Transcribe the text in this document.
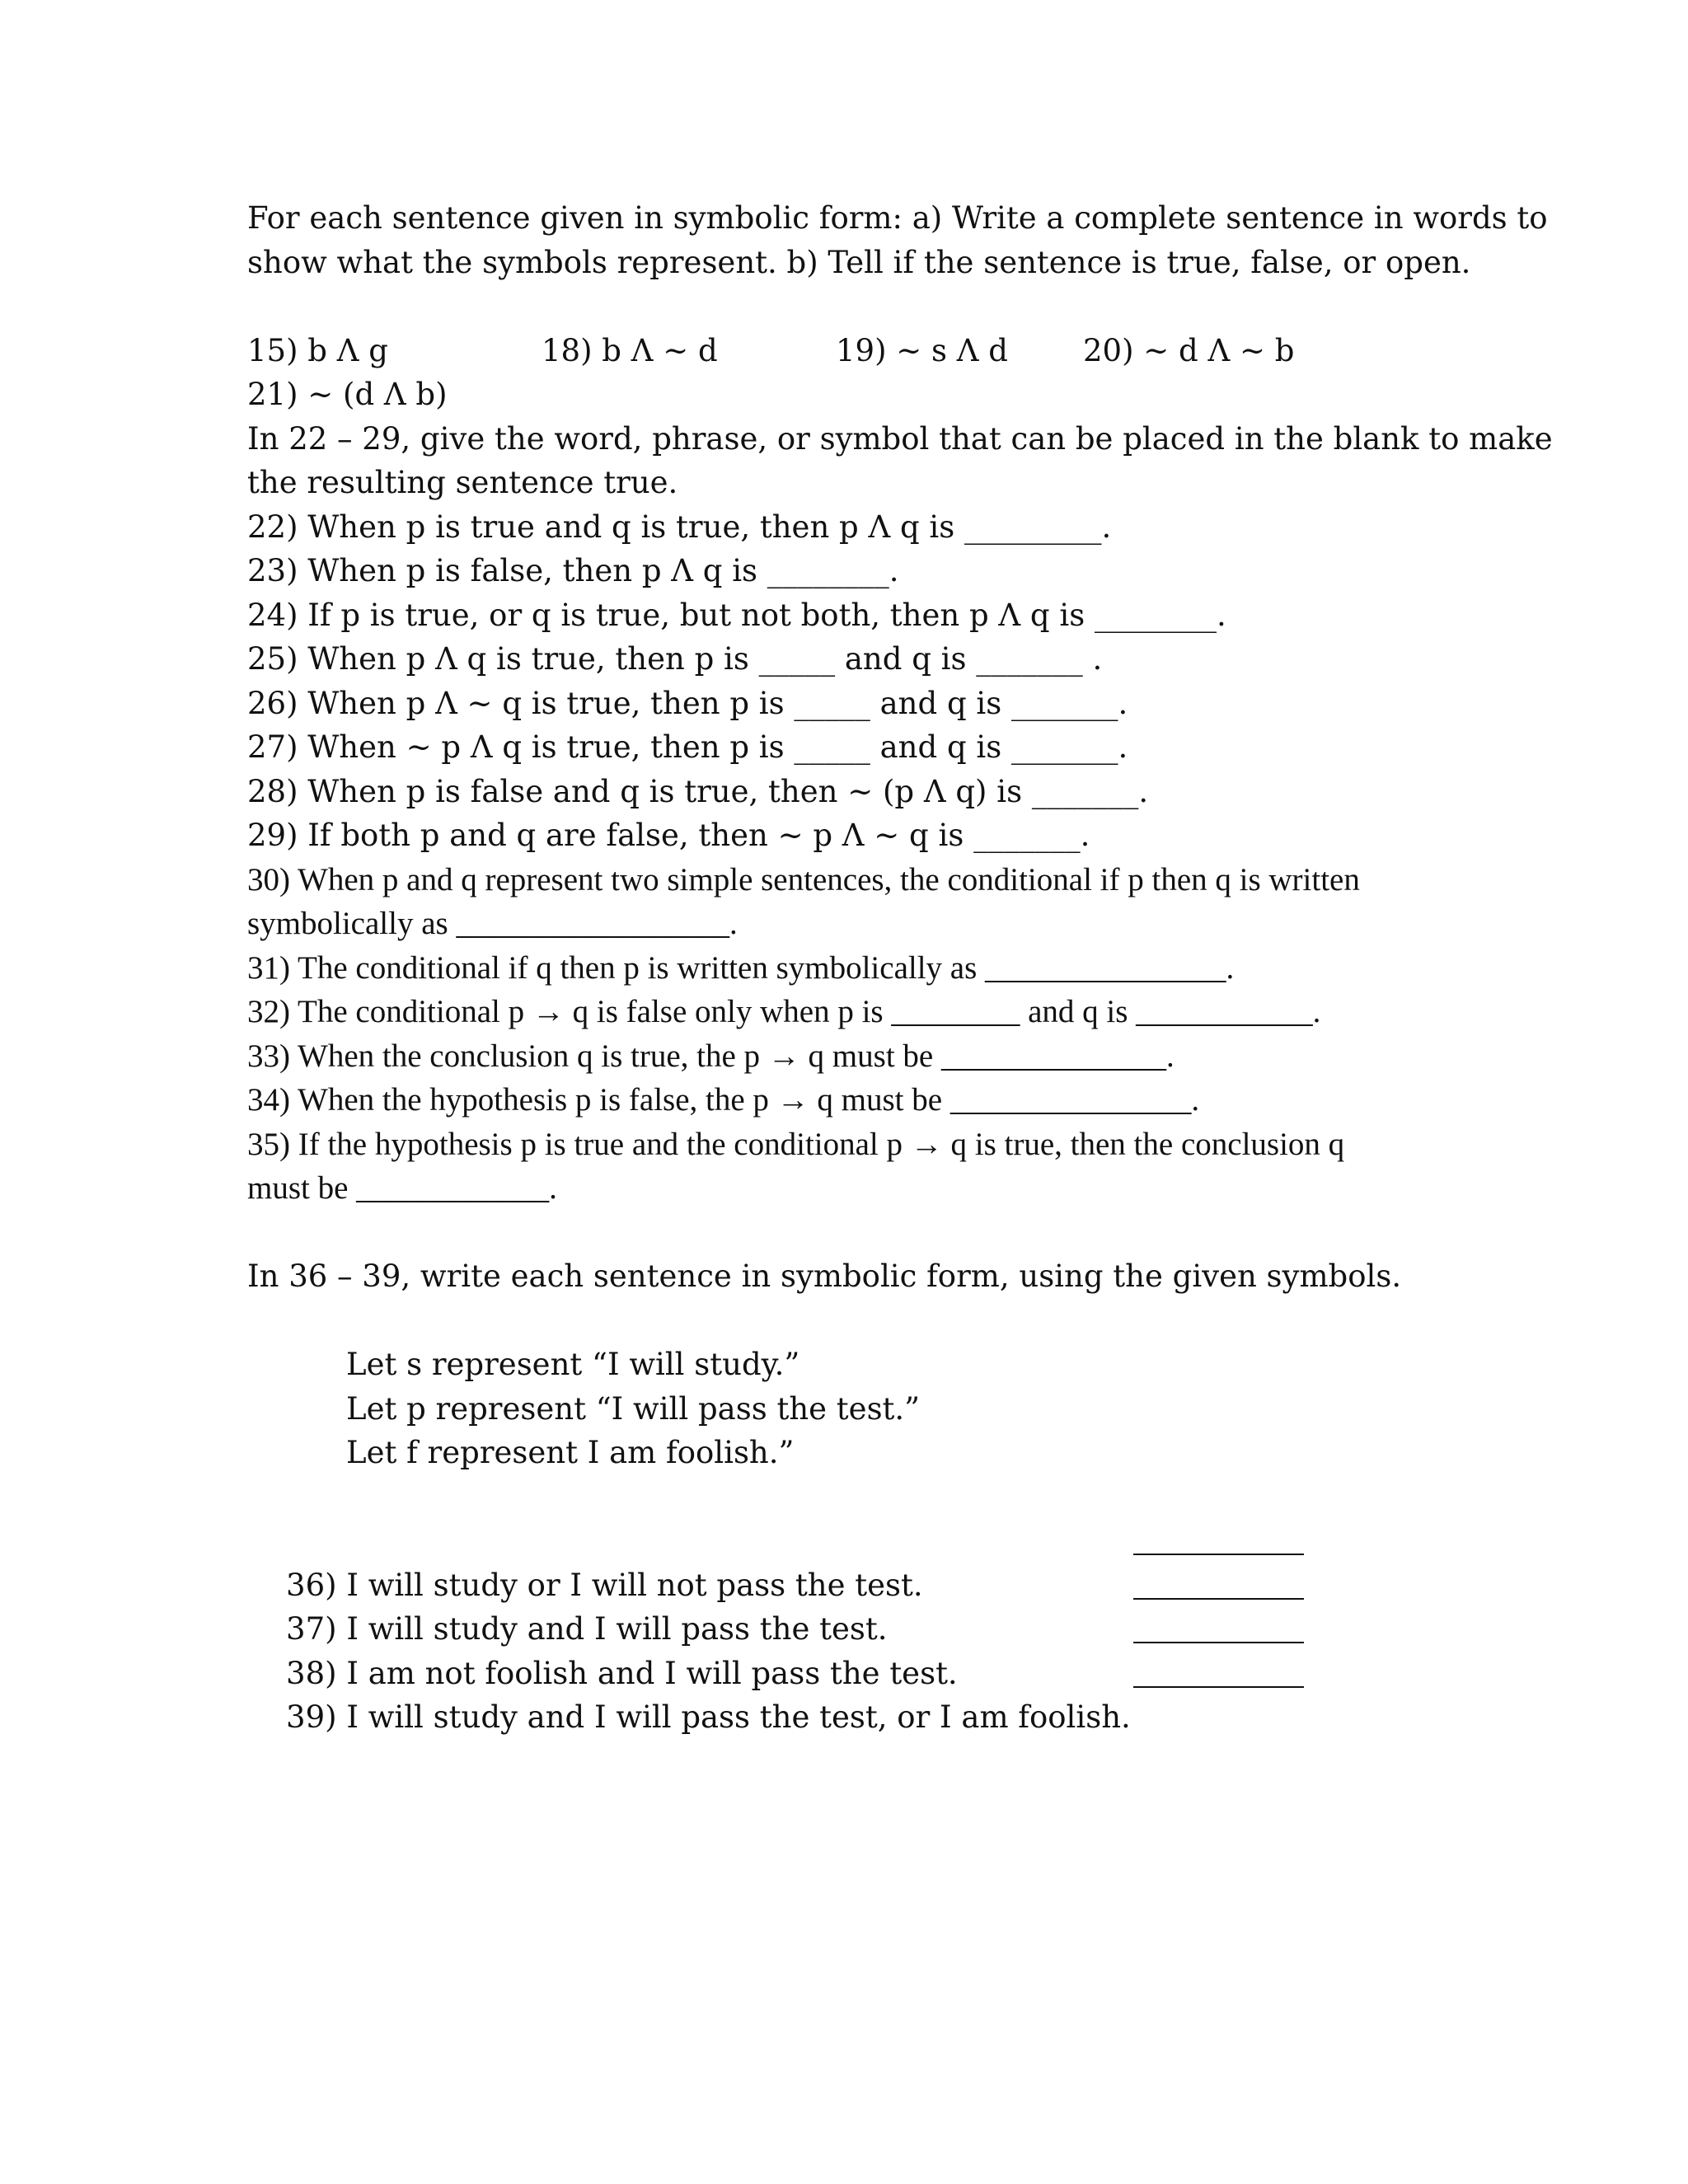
For each sentence given in symbolic form: a) Write a complete sentence in words to
show what the symbols represent. b) Tell if the sentence is true, false, or open.

15) b Λ g

	18) b Λ ~ d

	19) ~ s Λ d

20) ~ d Λ ~ b

21) ~ (d Λ b)
In 22 – 29, give the word, phrase, or symbol that can be placed in the blank to make
the resulting sentence true.
22) When p is true and q is true, then p Λ q is _________.
23) When p is false, then p Λ q is ________.
24) If p is true, or q is true, but not both, then p Λ q is ________.
25) When p Λ q is true, then p is _____ and q is _______ .
26) When p Λ ~ q is true, then p is _____ and q is _______.
27) When ~ p Λ q is true, then p is _____ and q is _______.
28) When p is false and q is true, then ~ (p Λ q) is _______.
29) If both p and q are false, then ~ p Λ ~ q is _______.
30) When p and q represent two simple sentences, the conditional if p then q is written
symbolically as _________________.
31) The conditional if q then p is written symbolically as _______________.
32) The conditional p → q is false only when p is ________ and q is ___________.
33) When the conclusion q is true, the p → q must be ______________.
34) When the hypothesis p is false, the p → q must be _______________.
35) If the hypothesis p is true and the conditional p → q is true, then the conclusion q
must be ____________.
In 36 – 39, write each sentence in symbolic form, using the given symbols.
Let s represent “I will study.”
Let p represent “I will pass the test.”
Let f represent I am foolish.”

36) I will study or I will not pass the test.

37) I will study and I will pass the test.

38) I am not foolish and I will pass the test.

39) I will study and I will pass the test, or I am foolish.
